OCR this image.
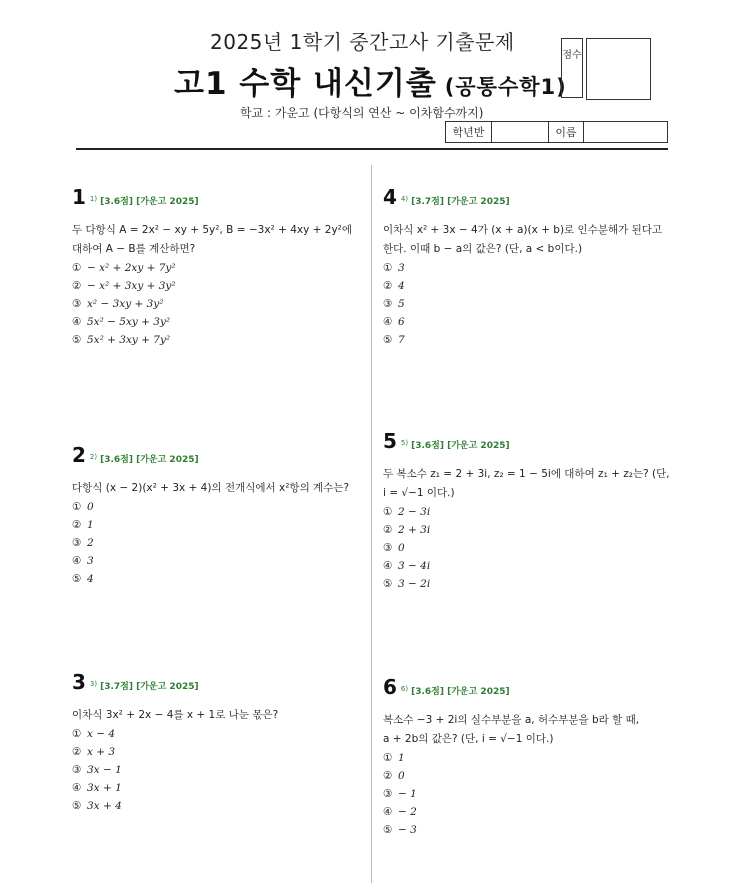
2025년 1학기 중간고사 기출문제
고1 수학 내신기출 (공통수학1)
점수
학교 : 가운고 (다항식의 연산 ~ 이차함수까지)
학년반	이름
1 1) [3.6점] [가운고 2025]
두 다항식 A = 2x² − xy + 5y², B = −3x² + 4xy + 2y²에
대하여 A − B를 계산하면?
① − x² + 2xy + 7y²
② − x² + 3xy + 3y²
③ x² − 3xy + 3y²
④ 5x² − 5xy + 3y²
⑤ 5x² + 3xy + 7y²
2 2) [3.6점] [가운고 2025]
다항식 (x − 2)(x² + 3x + 4)의 전개식에서 x²항의 계수는?
① 0
② 1
③ 2
④ 3
⑤ 4
3 3) [3.7점] [가운고 2025]
이차식 3x² + 2x − 4를 x + 1로 나눈 몫은?
① x − 4
② x + 3
③ 3x − 1
④ 3x + 1
⑤ 3x + 4
4 4) [3.7점] [가운고 2025]
이차식 x² + 3x − 4가 (x + a)(x + b)로 인수분해가 된다고
한다. 이때 b − a의 값은? (단, a < b이다.)
① 3
② 4
③ 5
④ 6
⑤ 7
5 5) [3.6점] [가운고 2025]
두 복소수 z₁ = 2 + 3i, z₂ = 1 − 5i에 대하여 z₁ + z₂는? (단,
i = √−1 이다.)
① 2 − 3i
② 2 + 3i
③ 0
④ 3 − 4i
⑤ 3 − 2i
6 6) [3.6점] [가운고 2025]
복소수 −3 + 2i의 실수부분을 a, 허수부분을 b라 할 때,
a + 2b의 값은? (단, i = √−1 이다.)
① 1
② 0
③ − 1
④ − 2
⑤ − 3
